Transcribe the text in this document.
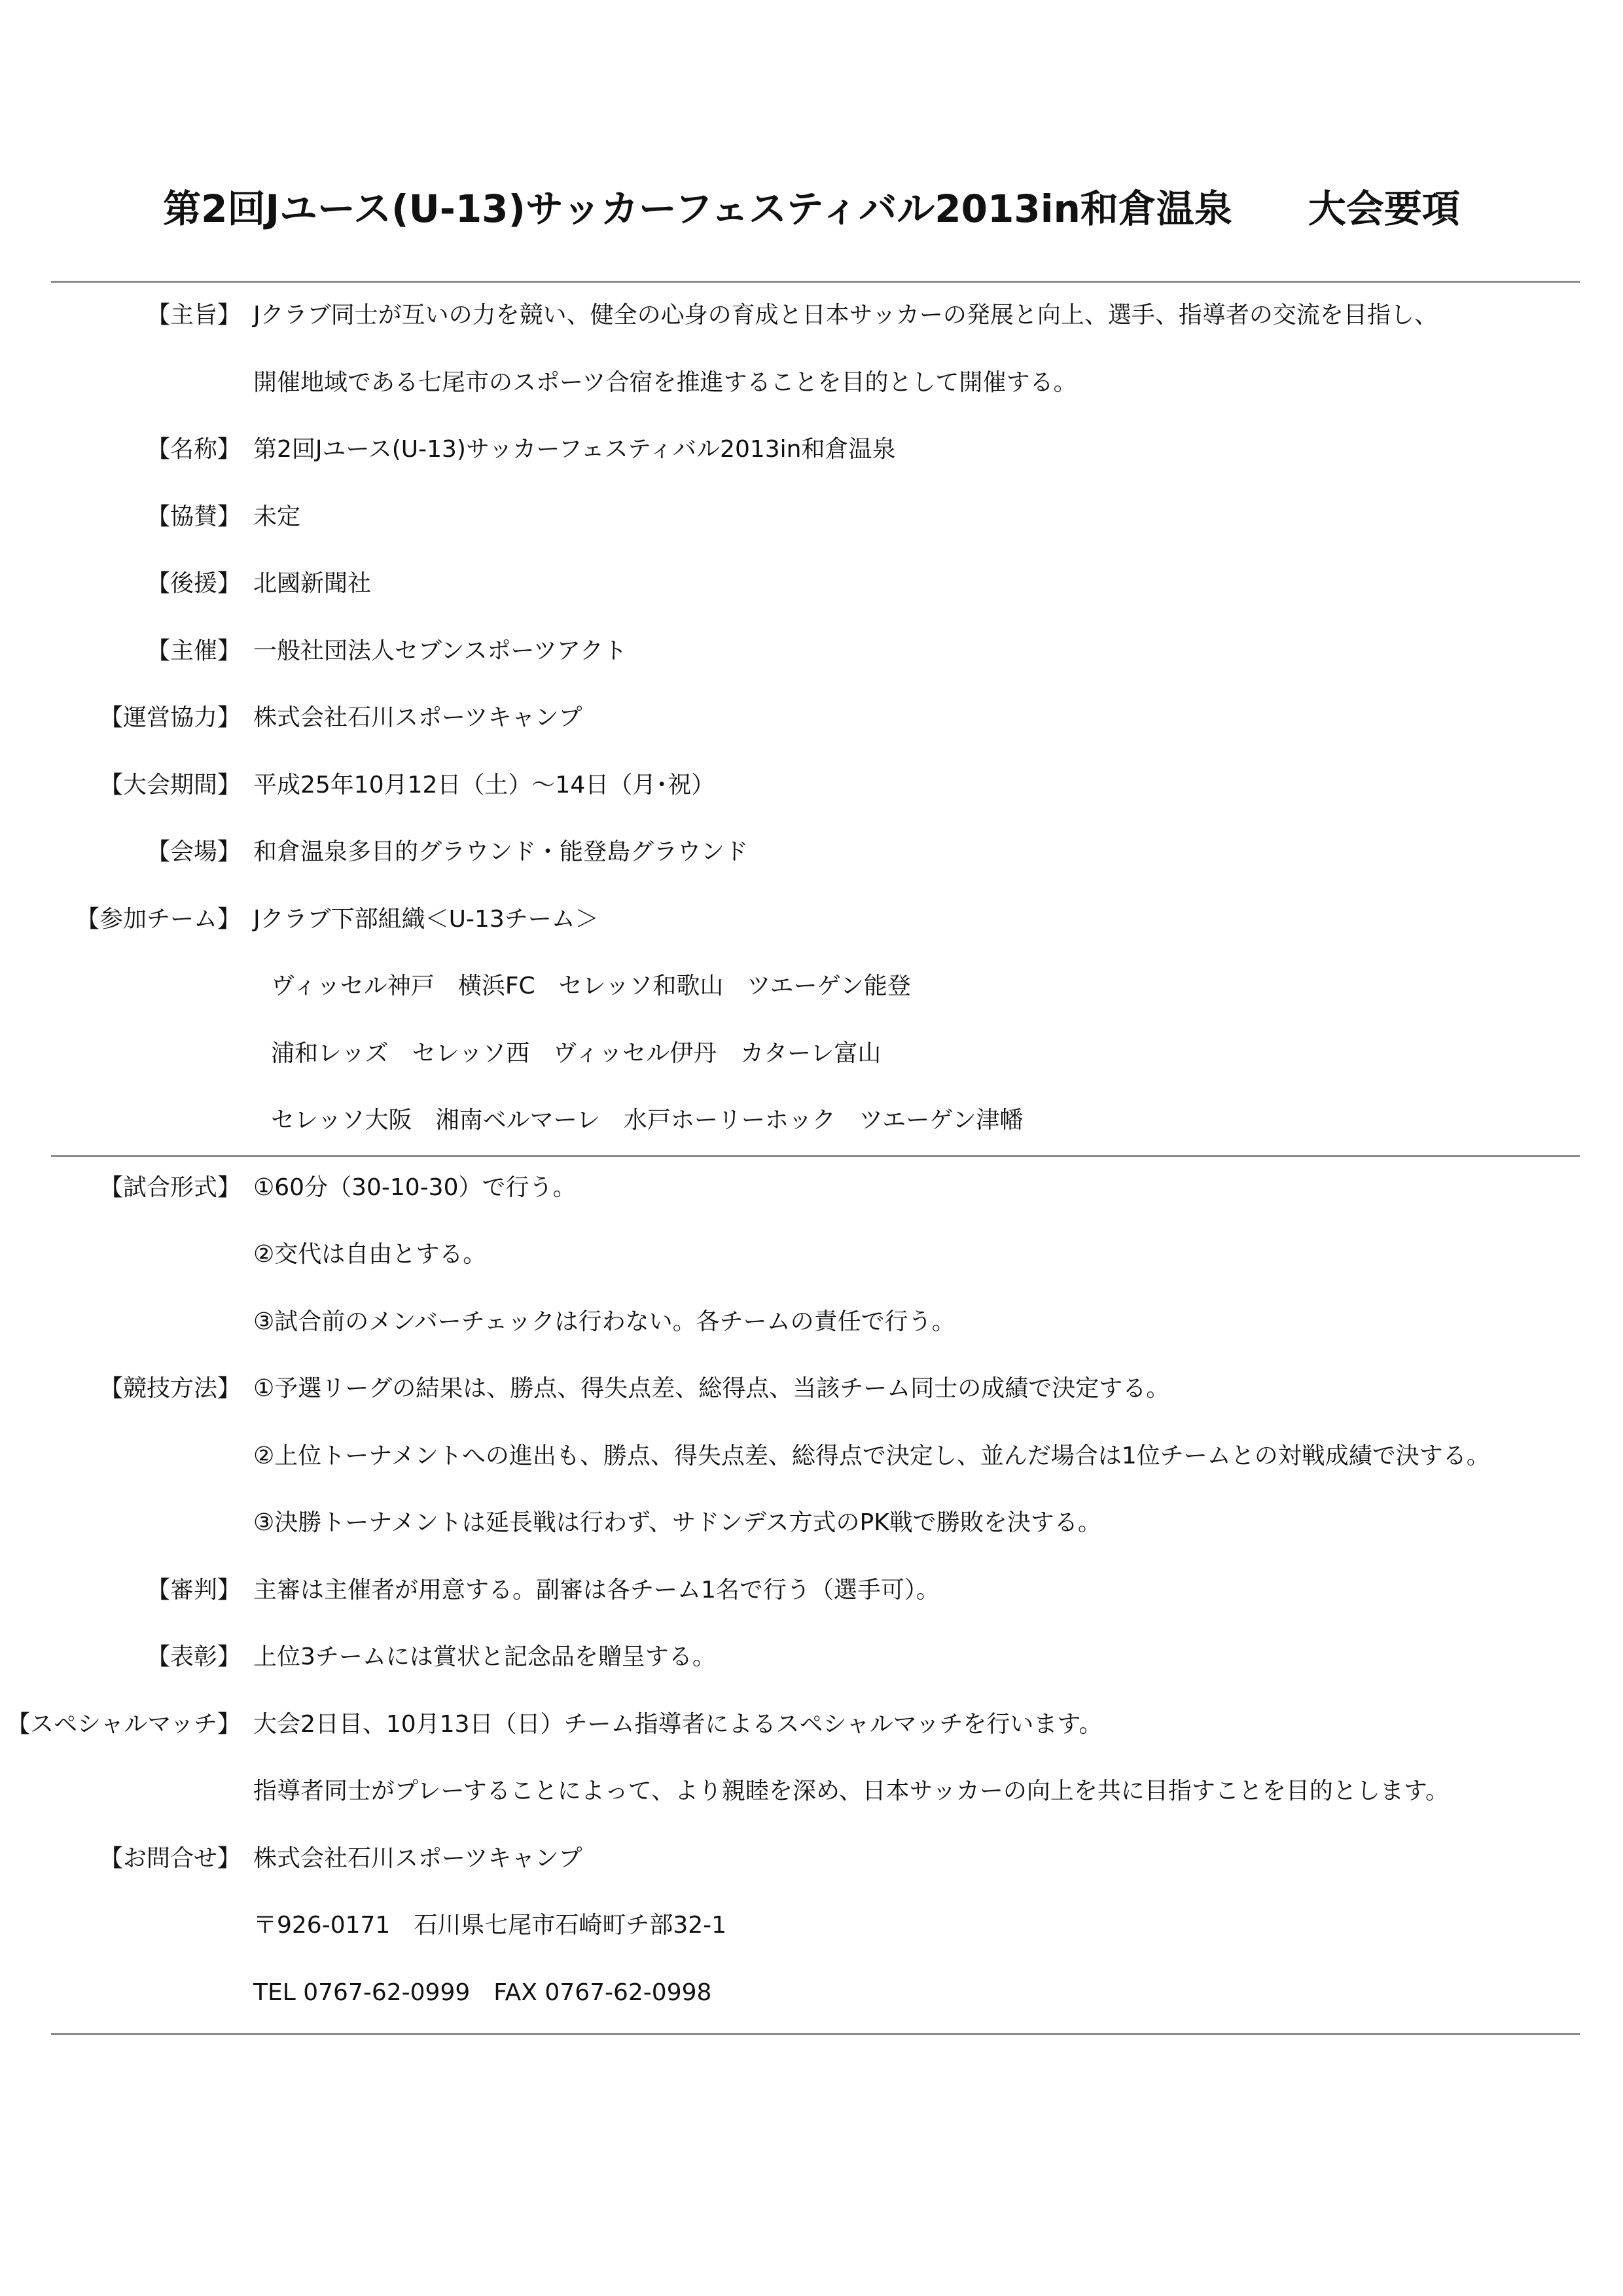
第2回Jユース(U-13)サッカーフェスティバル2013in和倉温泉　　大会要項
【主旨】 Jクラブ同士が互いの力を競い、健全の心身の育成と日本サッカーの発展と向上、選手、指導者の交流を目指し、
開催地域である七尾市のスポーツ合宿を推進することを目的として開催する。
【名称】 第2回Jユース(U-13)サッカーフェスティバル2013in和倉温泉
【協賛】 未定
【後援】 北國新聞社
【主催】 一般社団法人セブンスポーツアクト
【運営協力】 株式会社石川スポーツキャンプ
【大会期間】 平成25年10月12日（土）～14日（月･祝）
【会場】 和倉温泉多目的グラウンド・能登島グラウンド
【参加チーム】 Jクラブ下部組織＜U-13チーム＞
ヴィッセル神戸　横浜FC　セレッソ和歌山　ツエーゲン能登
浦和レッズ　セレッソ西　ヴィッセル伊丹　カターレ富山
セレッソ大阪　湘南ベルマーレ　水戸ホーリーホック　ツエーゲン津幡
【試合形式】 ①60分（30-10-30）で行う。
②交代は自由とする。
③試合前のメンバーチェックは行わない。各チームの責任で行う。
【競技方法】 ①予選リーグの結果は、勝点、得失点差、総得点、当該チーム同士の成績で決定する。
②上位トーナメントへの進出も、勝点、得失点差、総得点で決定し、並んだ場合は1位チームとの対戦成績で決する。
③決勝トーナメントは延長戦は行わず、サドンデス方式のPK戦で勝敗を決する。
【審判】 主審は主催者が用意する。副審は各チーム1名で行う（選手可）。
【表彰】 上位3チームには賞状と記念品を贈呈する。
【スペシャルマッチ】 大会2日目、10月13日（日）チーム指導者によるスペシャルマッチを行います。
指導者同士がプレーすることによって、より親睦を深め、日本サッカーの向上を共に目指すことを目的とします。
【お問合せ】 株式会社石川スポーツキャンプ
〒926-0171　石川県七尾市石崎町チ部32-1
TEL 0767-62-0999　FAX 0767-62-0998
